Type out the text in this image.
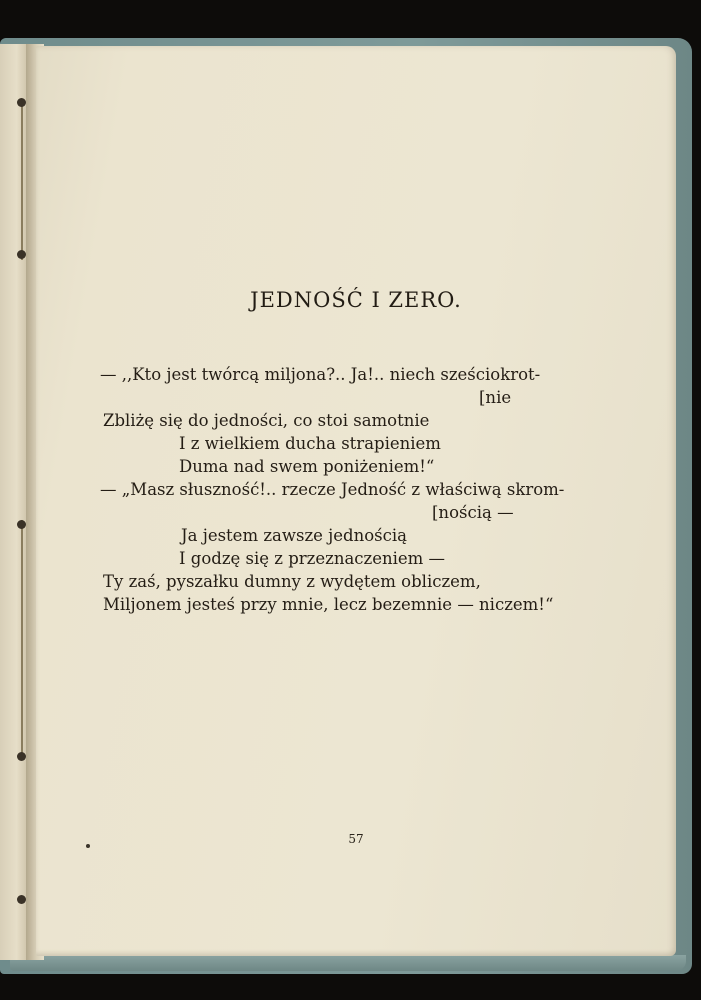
JEDNOŚĆ I ZERO.

— ,,Kto jest twórcą miljona?.. Ja!.. niech sześciokrot-

[nie

Zbliżę się do jedności, co stoi samotnie

I z wielkiem ducha strapieniem

Duma nad swem poniżeniem!“

— „Masz słuszność!.. rzecze Jedność z właściwą skrom-

[nością —

Ja jestem zawsze jednością

I godzę się z przeznaczeniem —

Ty zaś, pyszałku dumny z wydętem obliczem,

Miljonem jesteś przy mnie, lecz bezemnie — niczem!“

57
